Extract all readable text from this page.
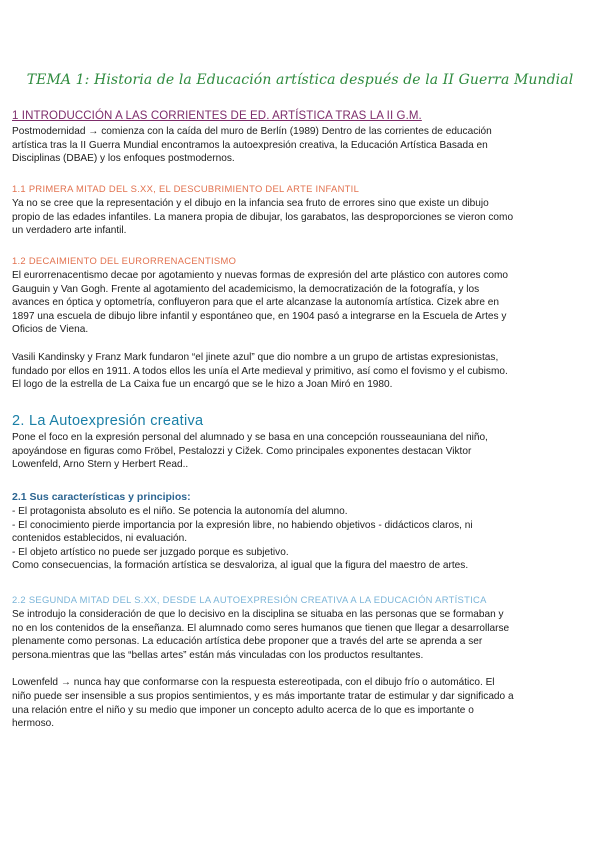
TEMA 1: Historia de la Educación artística después de la II Guerra Mundial
1 INTRODUCCIÓN A LAS CORRIENTES DE ED. ARTÍSTICA TRAS LA II G.M.

Postmodernidad → comienza con la caída del muro de Berlín (1989) Dentro de las corrientes de educación

artística tras la II Guerra Mundial encontramos la autoexpresión creativa, la Educación Artística Basada en

Disciplinas (DBAE) y los enfoques postmodernos.

1.1 PRIMERA MITAD DEL S.XX, EL DESCUBRIMIENTO DEL ARTE INFANTIL

Ya no se cree que la representación y el dibujo en la infancia sea fruto de errores sino que existe un dibujo

propio de las edades infantiles. La manera propia de dibujar, los garabatos, las desproporciones se vieron como

un verdadero arte infantil.

1.2 DECAIMIENTO DEL EURORRENACENTISMO

El eurorrenacentismo decae por agotamiento y nuevas formas de expresión del arte plástico con autores como

Gauguin y Van Gogh. Frente al agotamiento del academicismo, la democratización de la fotografía, y los

avances en óptica y optometría, confluyeron para que el arte alcanzase la autonomía artística. Cizek abre en

1897 una escuela de dibujo libre infantil y espontáneo que, en 1904 pasó a integrarse en la Escuela de Artes y

Oficios de Viena.

Vasili Kandinsky y Franz Mark fundaron “el jinete azul” que dio nombre a un grupo de artistas expresionistas,

fundado por ellos en 1911. A todos ellos les unía el Arte medieval y primitivo, así como el fovismo y el cubismo.

El logo de la estrella de La Caixa fue un encargó que se le hizo a Joan Miró en 1980.

2. La Autoexpresión creativa

Pone el foco en la expresión personal del alumnado y se basa en una concepción rousseauniana del niño,

apoyándose en figuras como Fröbel, Pestalozzi y Cižek. Como principales exponentes destacan Viktor

Lowenfeld, Arno Stern y Herbert Read..

2.1 Sus características y principios:

- El protagonista absoluto es el niño. Se potencia la autonomía del alumno.

- El conocimiento pierde importancia por la expresión libre, no habiendo objetivos - didácticos claros, ni

contenidos establecidos, ni evaluación.

- El objeto artístico no puede ser juzgado porque es subjetivo.

Como consecuencias, la formación artística se desvaloriza, al igual que la figura del maestro de artes.

2.2 SEGUNDA MITAD DEL S.XX, DESDE LA AUTOEXPRESIÓN CREATIVA A LA EDUCACIÓN ARTÍSTICA

Se introdujo la consideración de que lo decisivo en la disciplina se situaba en las personas que se formaban y

no en los contenidos de la enseñanza. El alumnado como seres humanos que tienen que llegar a desarrollarse

plenamente como personas. La educación artística debe proponer que a través del arte se aprenda a ser

persona.mientras que las “bellas artes” están más vinculadas con los productos resultantes.

Lowenfeld → nunca hay que conformarse con la respuesta estereotipada, con el dibujo frío o automático. El

niño puede ser insensible a sus propios sentimientos, y es más importante tratar de estimular y dar significado a

una relación entre el niño y su medio que imponer un concepto adulto acerca de lo que es importante o

hermoso.
